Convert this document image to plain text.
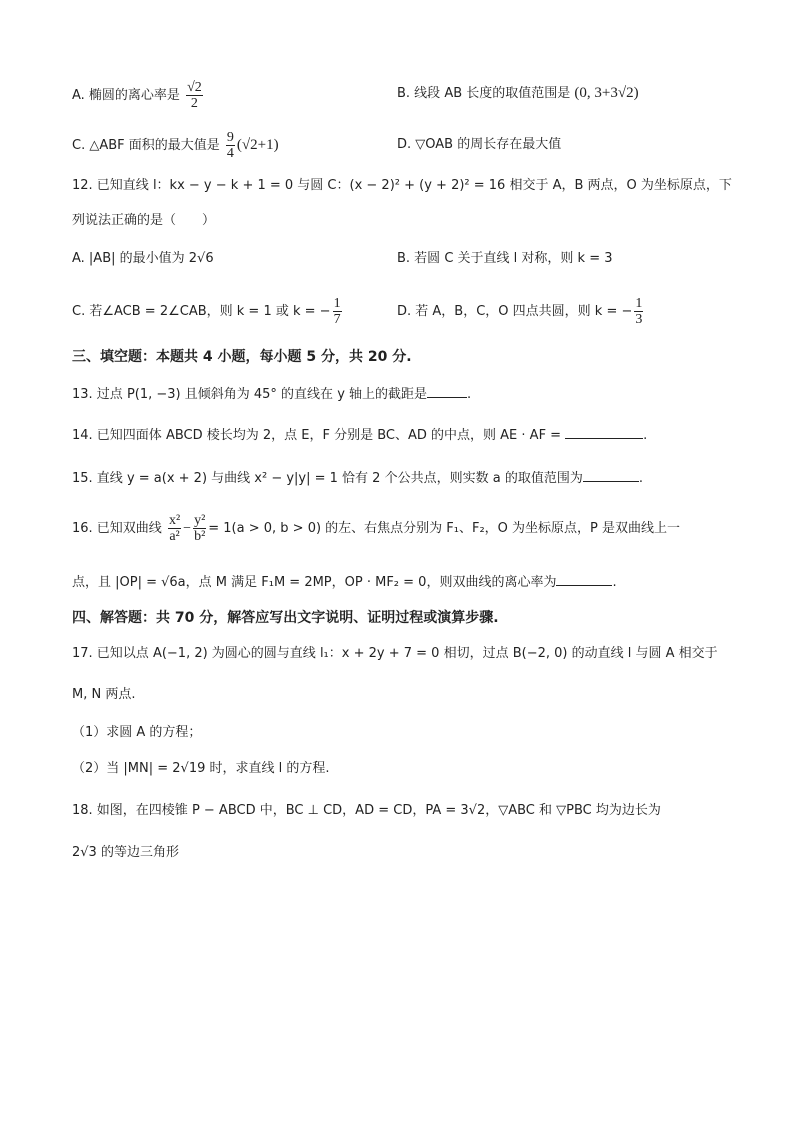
A. 椭圆的离心率是 $\frac{√2}{2}$	B. 线段 AB 长度的取值范围是 (0, 3+3√2)
C. △ABF 面积的最大值是 $\frac{9}{4} (√2+1)$	D. ▽OAB 的周长存在最大值
12. 已知直线 l：kx − y − k + 1 = 0 与圆 C：(x − 2)² + (y + 2)² = 16 相交于 A，B 两点，O 为坐标原点，下
列说法正确的是（　　）
A. |AB| 的最小值为 2√6	B. 若圆 C 关于直线 l 对称，则 k = 3
C. 若∠ACB = 2∠CAB，则 k = 1 或 k = − $\frac{1}{7}$	D. 若 A，B，C，O 四点共圆，则 k = − $\frac{1}{3}$
三、填空题：本题共 4 小题，每小题 5 分，共 20 分.
13. 过点 P(1, −3) 且倾斜角为 45° 的直线在 y 轴上的截距是	.
14. 已知四面体 ABCD 棱长均为 2，点 E，F 分别是 BC、AD 的中点，则 AE · AF =	.
15. 直线 y = a(x + 2) 与曲线 x² − y|y| = 1 恰有 2 个公共点，则实数 a 的取值范围为	.
16. 已知双曲线 $\frac{\text{x²}}{\text{a²}} - \frac{\text{y²}}{\text{b²}} = 1(a > 0$, b > 0) 的左、右焦点分别为 F₁、F₂，O 为坐标原点，P 是双曲线上一
点，且 |OP| = √6a，点 M 满足 F₁M = 2MP，OP · MF₂ = 0，则双曲线的离心率为	.
四、解答题：共 70 分，解答应写出文字说明、证明过程或演算步骤.
17. 已知以点 A(−1, 2) 为圆心的圆与直线 l₁：x + 2y + 7 = 0 相切，过点 B(−2, 0) 的动直线 l 与圆 A 相交于
M, N 两点.
（1）求圆 A 的方程；
（2）当 |MN| = 2√19 时，求直线 l 的方程.
18. 如图，在四棱锥 P − ABCD 中，BC ⊥ CD，AD = CD，PA = 3√2，▽ABC 和 ▽PBC 均为边长为
2√3 的等边三角形
